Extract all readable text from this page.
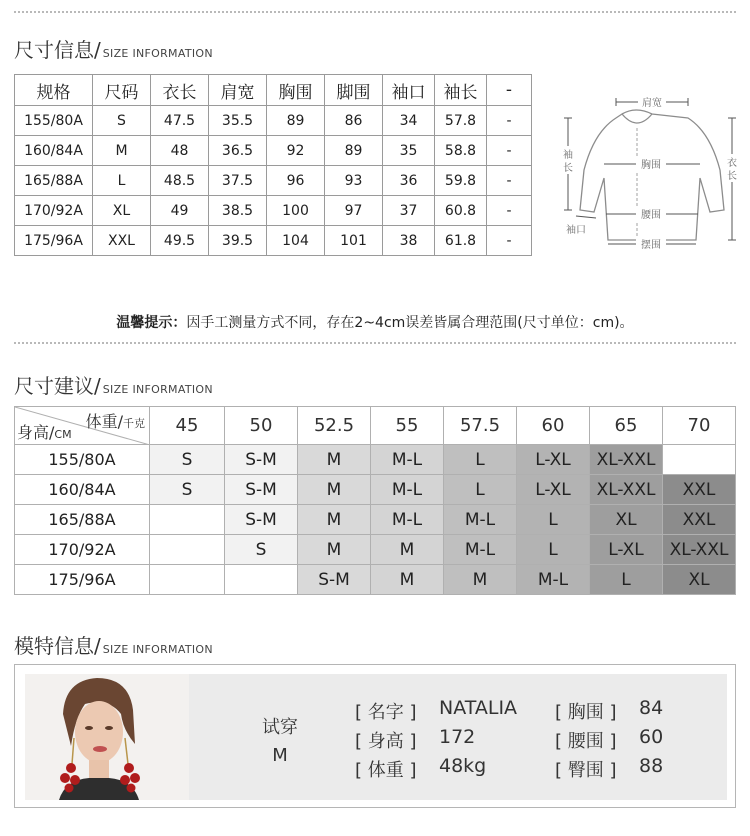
尺寸信息/ SIZE INFORMATION
规格	尺码	衣长	肩宽	胸围	脚围	袖口	袖长	-
155/80A	S	47.5	35.5	89	86	34	57.8	-
160/84A	M	48	36.5	92	89	35	58.8	-
165/88A	L	48.5	37.5	96	93	36	59.8	-
170/92A	XL	49	38.5	100	97	37	60.8	-
175/96A	XXL	49.5	39.5	104	101	38	61.8	-
肩宽
胸围
腰围
摆围
袖
长	衣
长
袖口
温馨提示：因手工测量方式不同，存在2~4cm误差皆属合理范围(尺寸单位：cm)。
尺寸建议/ SIZE INFORMATION
体重/千克
身高/CM	45	50	52.5	55	57.5	60	65	70
155/80A	S	S-M	M	M-L	L	L-XL	XL-XXL	
160/84A	S	S-M	M	M-L	L	L-XL	XL-XXL	XXL
165/88A		S-M	M	M-L	M-L	L	XL	XXL
170/92A		S	M	M	M-L	L	L-XL	XL-XXL
175/96A			S-M	M	M	M-L	L	XL
模特信息/ SIZE INFORMATION
试穿
M
[ 名字 ] NATALIA
[ 身高 ] 172
[ 体重 ] 48kg
[ 胸围 ] 84
[ 腰围 ] 60
[ 臀围 ] 88
